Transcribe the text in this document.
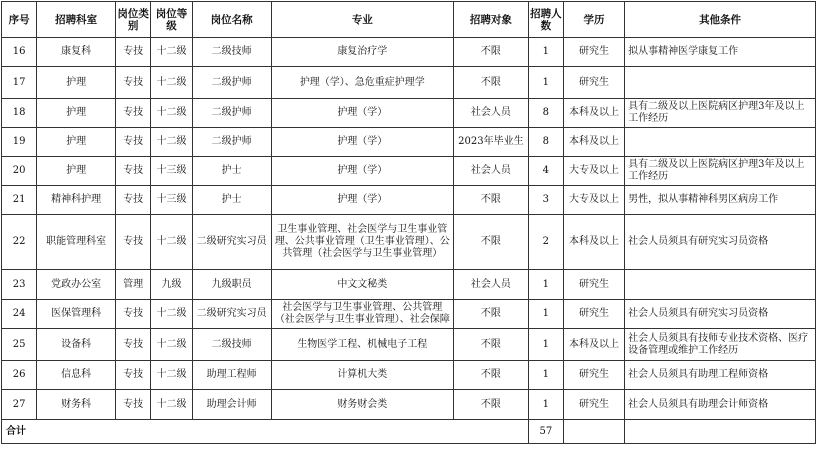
序号	招聘科室	岗位类别	岗位等级	岗位名称	专业	招聘对象	招聘人数	学历	其他条件
16	康复科	专技	十二级	二级技师	康复治疗学	不限	1	研究生	拟从事精神医学康复工作
17	护理	专技	十二级	二级护师	护理（学）、急危重症护理学	不限	1	研究生	
18	护理	专技	十二级	二级护师	护理（学）	社会人员	8	本科及以上	具有二级及以上医院病区护理3年及以上工作经历
19	护理	专技	十二级	二级护师	护理（学）	2023年毕业生	8	本科及以上	
20	护理	专技	十三级	护士	护理（学）	社会人员	4	大专及以上	具有二级及以上医院病区护理3年及以上工作经历
21	精神科护理	专技	十三级	护士	护理（学）	不限	3	大专及以上	男性，拟从事精神科男区病房工作
22	职能管理科室	专技	十二级	二级研究实习员	卫生事业管理、社会医学与卫生事业管理、公共事业管理（卫生事业管理）、公共管理（社会医学与卫生事业管理）	不限	2	本科及以上	社会人员须具有研究实习员资格
23	党政办公室	管理	九级	九级职员	中文文秘类	社会人员	1	研究生	
24	医保管理科	专技	十二级	二级研究实习员	社会医学与卫生事业管理、公共管理（社会医学与卫生事业管理）、社会保障	不限	1	研究生	社会人员须具有研究实习员资格
25	设备科	专技	十二级	二级技师	生物医学工程、机械电子工程	不限	1	本科及以上	社会人员须具有技师专业技术资格、医疗设备管理或维护工作经历
26	信息科	专技	十二级	助理工程师	计算机大类	不限	1	研究生	社会人员须具有助理工程师资格
27	财务科	专技	十二级	助理会计师	财务财会类	不限	1	研究生	社会人员须具有助理会计师资格
合计							57		
